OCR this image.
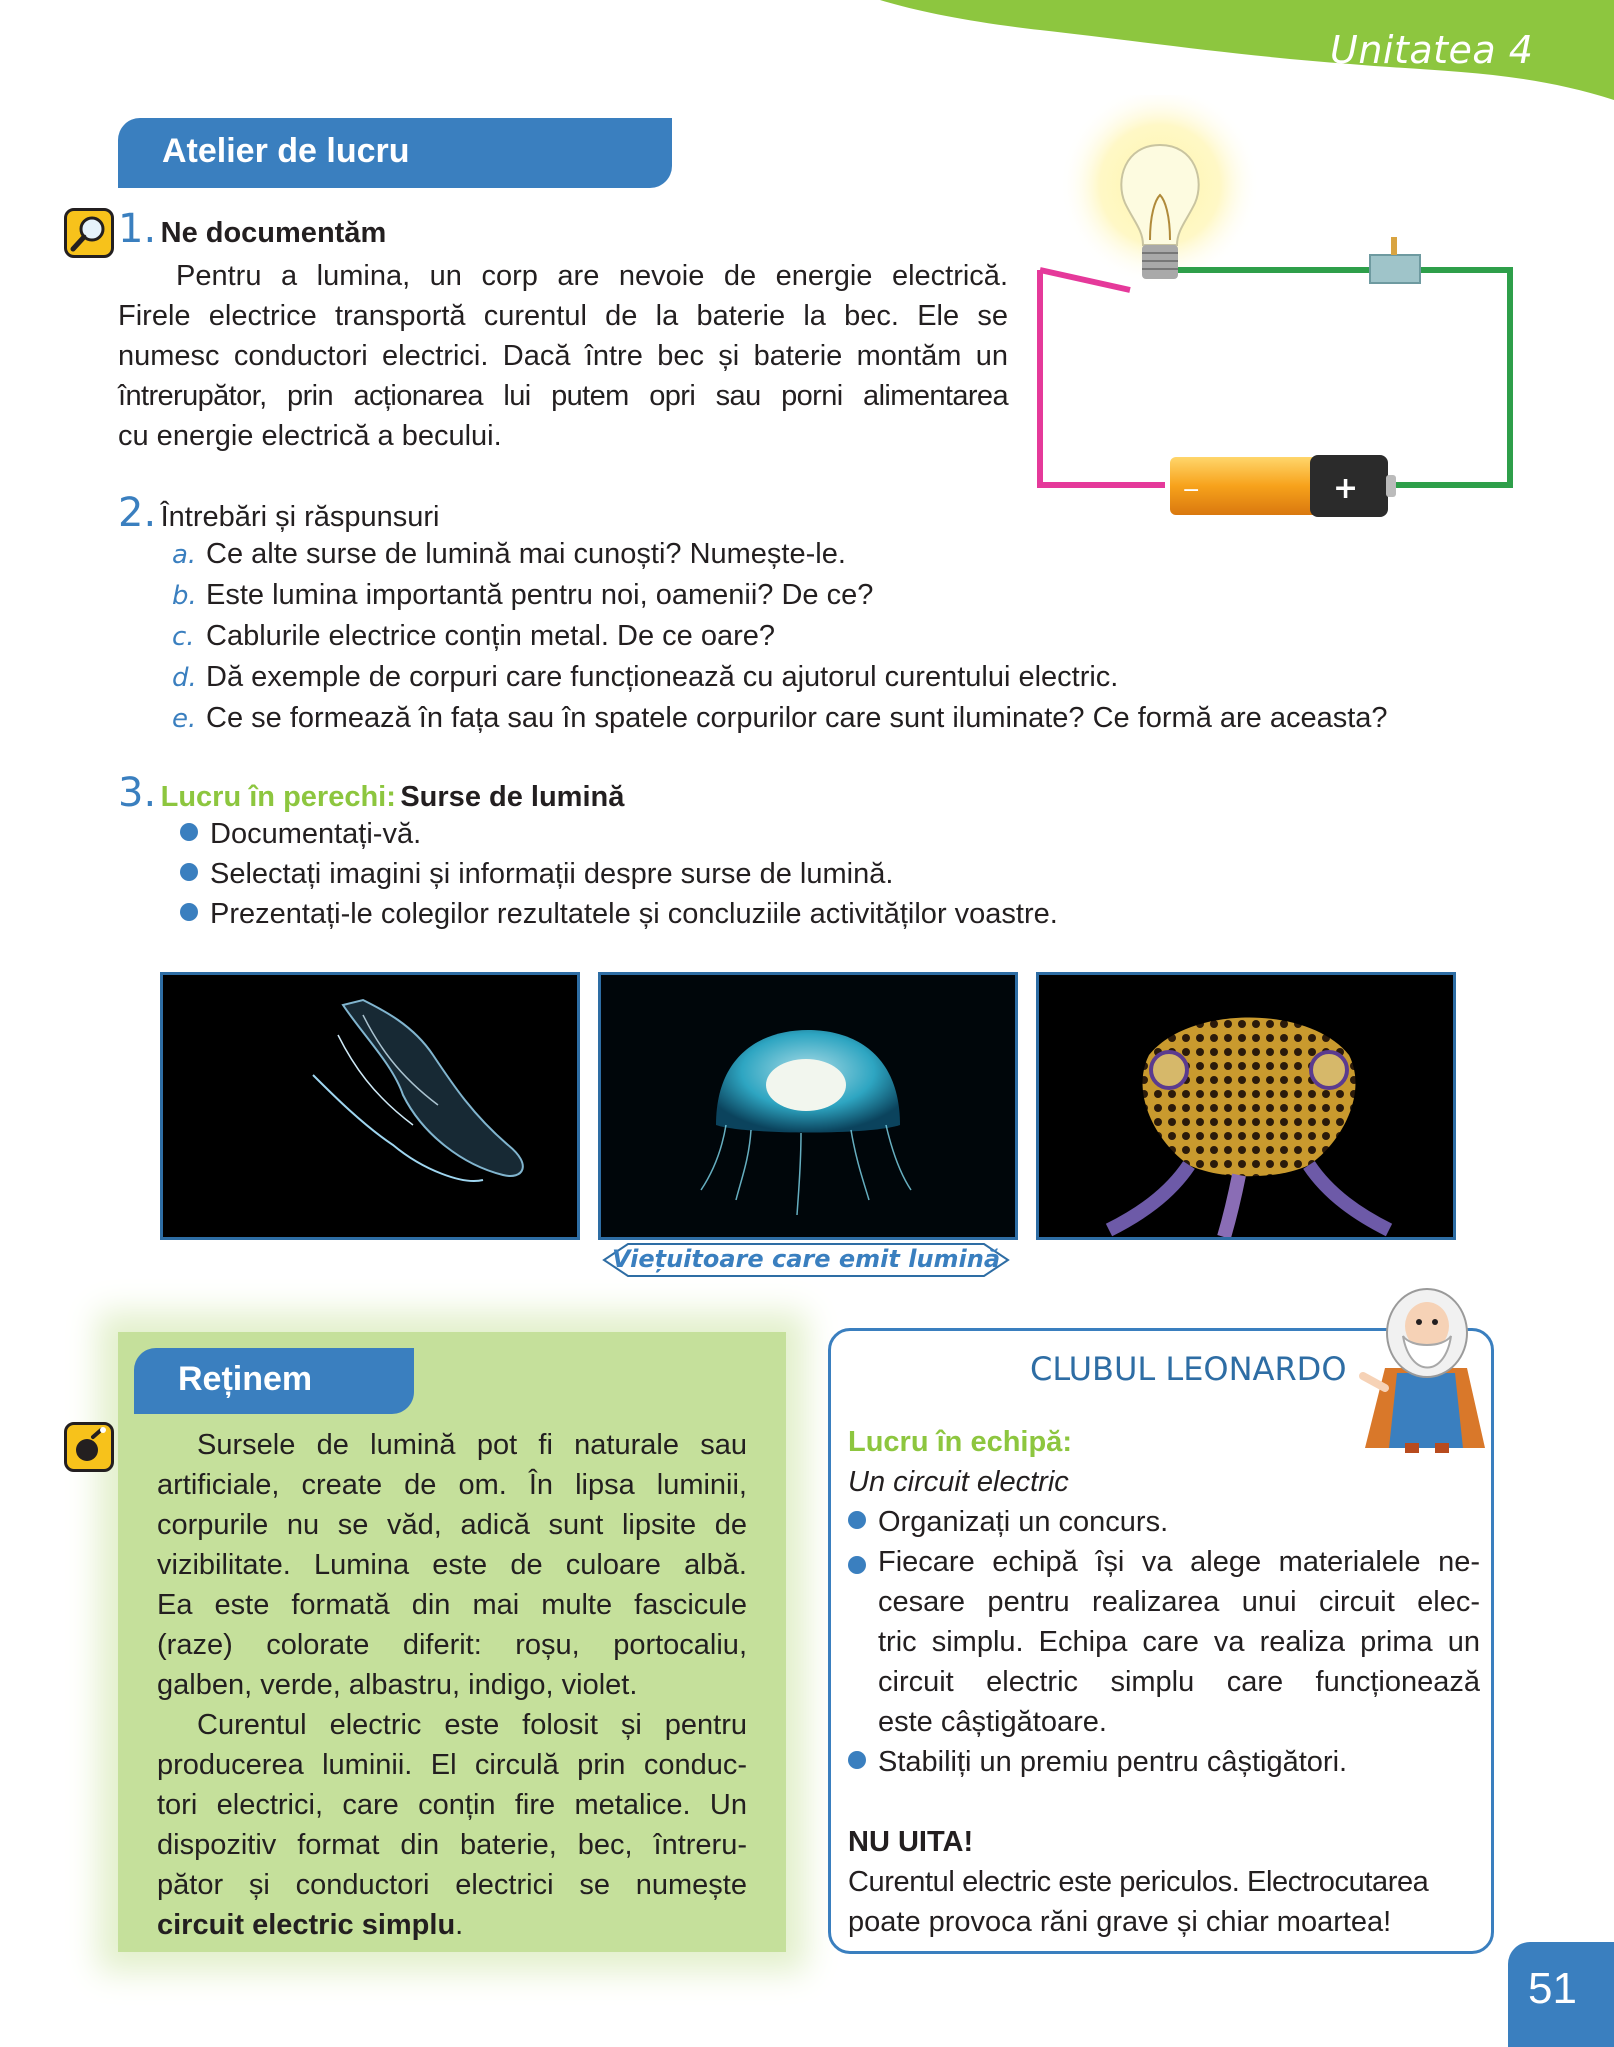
Unitatea 4
Atelier de lucru
1. Ne documentăm
Pentru a lumina, un corp are nevoie de energie electrică.
Firele electrice transportă curentul de la baterie la bec. Ele se
numesc conductori electrici. Dacă între bec și baterie montăm un
întrerupător, prin acționarea lui putem opri sau porni alimentarea
cu energie electrică a becului.
−	+
2. Întrebări și răspunsuri
a. Ce alte surse de lumină mai cunoști? Numește-le.
b. Este lumina importantă pentru noi, oamenii? De ce?
c. Cablurile electrice conțin metal. De ce oare?
d. Dă exemple de corpuri care funcționează cu ajutorul curentului electric.
e. Ce se formează în fața sau în spatele corpurilor care sunt iluminate? Ce formă are aceasta?
3. Lucru în perechi: Surse de lumină
Documentați-vă.
Selectați imagini și informații despre surse de lumină.
Prezentați-le colegilor rezultatele și concluziile activităților voastre.
Viețuitoare care emit lumină
Reținem
Sursele de lumină pot fi naturale sau
artificiale, create de om. În lipsa luminii,
corpurile nu se văd, adică sunt lipsite de
vizibilitate. Lumina este de culoare albă.
Ea este formată din mai multe fascicule
(raze) colorate diferit: roșu, portocaliu,
galben, verde, albastru, indigo, violet.
Curentul electric este folosit și pentru
producerea luminii. El circulă prin conduc-
tori electrici, care conțin fire metalice. Un
dispozitiv format din baterie, bec, întreru-
pător și conductori electrici se numește
circuit electric simplu.
CLUBUL LEONARDO
Lucru în echipă:
Un circuit electric
Organizați un concurs.
Fiecare echipă își va alege materialele ne-
cesare pentru realizarea unui circuit elec-
tric simplu. Echipa care va realiza prima un
circuit electric simplu care funcționează
este câștigătoare.
Stabiliți un premiu pentru câștigători.
NU UITA!
Curentul electric este periculos. Electrocutarea
poate provoca răni grave și chiar moartea!
51
